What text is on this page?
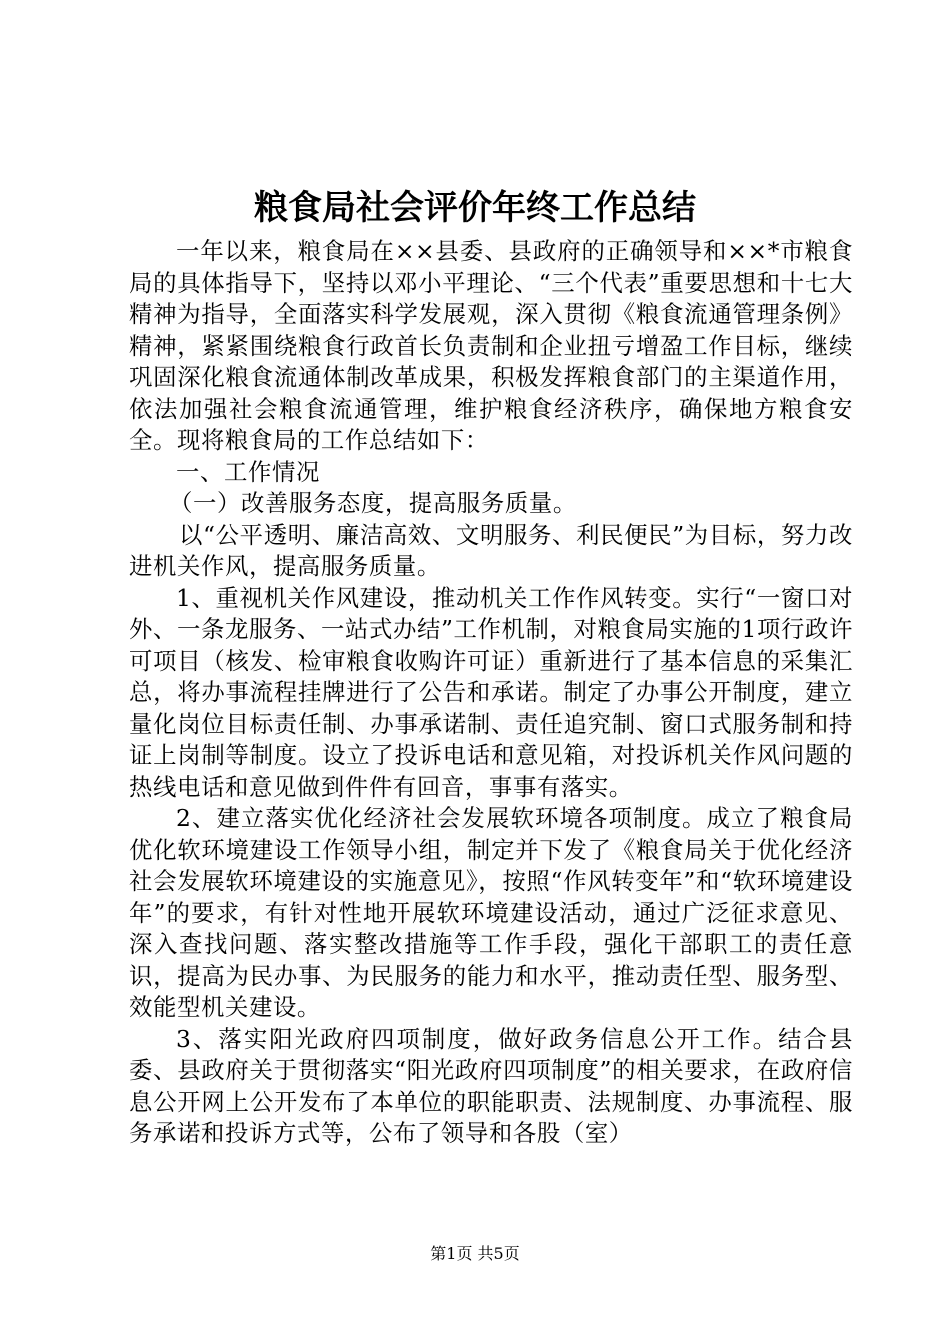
粮食局社会评价年终工作总结

一年以来，粮食局在××县委、县政府的正确领导和××*市粮食局的具体指导下，坚持以邓小平理论、“三个代表”重要思想和十七大精神为指导，全面落实科学发展观，深入贯彻《粮食流通管理条例》精神，紧紧围绕粮食行政首长负责制和企业扭亏增盈工作目标，继续巩固深化粮食流通体制改革成果，积极发挥粮食部门的主渠道作用，依法加强社会粮食流通管理，维护粮食经济秩序，确保地方粮食安全。现将粮食局的工作总结如下：

一、工作情况

（一）改善服务态度，提高服务质量。

以“公平透明、廉洁高效、文明服务、利民便民”为目标，努力改进机关作风，提高服务质量。

1、重视机关作风建设，推动机关工作作风转变。实行“一窗口对外、一条龙服务、一站式办结”工作机制，对粮食局实施的1项行政许可项目（核发、检审粮食收购许可证）重新进行了基本信息的采集汇总，将办事流程挂牌进行了公告和承诺。制定了办事公开制度，建立量化岗位目标责任制、办事承诺制、责任追究制、窗口式服务制和持证上岗制等制度。设立了投诉电话和意见箱，对投诉机关作风问题的热线电话和意见做到件件有回音，事事有落实。

2、建立落实优化经济社会发展软环境各项制度。成立了粮食局优化软环境建设工作领导小组，制定并下发了《粮食局关于优化经济社会发展软环境建设的实施意见》，按照“作风转变年”和“软环境建设年”的要求，有针对性地开展软环境建设活动，通过广泛征求意见、深入查找问题、落实整改措施等工作手段，强化干部职工的责任意识，提高为民办事、为民服务的能力和水平，推动责任型、服务型、效能型机关建设。

3、落实阳光政府四项制度，做好政务信息公开工作。结合县委、县政府关于贯彻落实“阳光政府四项制度”的相关要求，在政府信息公开网上公开发布了本单位的职能职责、法规制度、办事流程、服务承诺和投诉方式等，公布了领导和各股（室）

第1页 共5页
